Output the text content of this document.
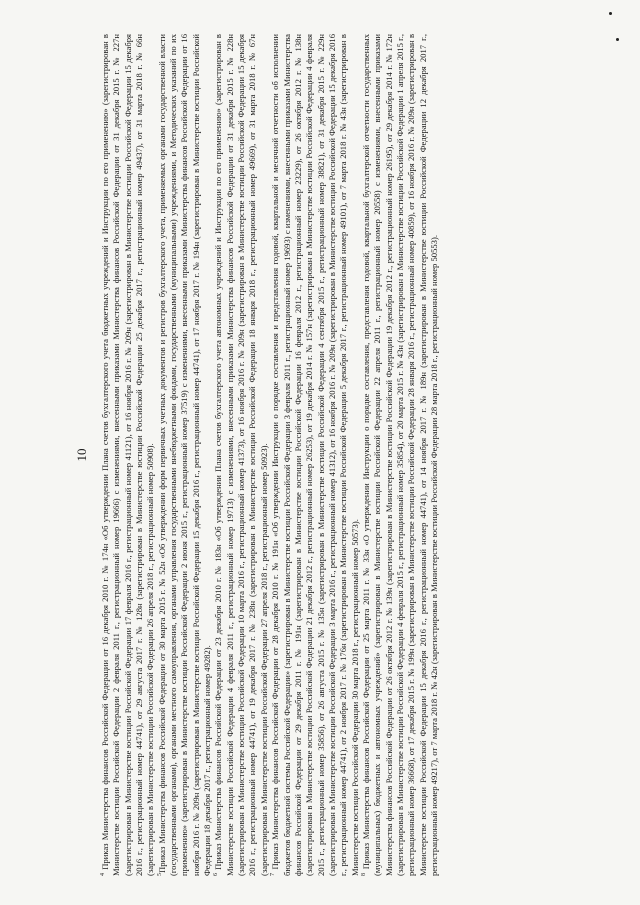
10

$^4$ Приказ Министерства финансов Российской Федерации от 16 декабря 2010 г. № 174н «Об утверждении Плана счетов бухгалтерского учета бюджетных учреждений и Инструкции по его применению» (зарегистрирован в Министерстве юстиции Российской Федерации 2 февраля 2011 г., регистрационный номер 19666) с изменениями, внесенными приказами Министерства финансов Российской Федерации от 31 декабря 2015 г. № 227н (зарегистрирован в Министерстве юстиции Российской Федерации 17 февраля 2016 г., регистрационный номер 41121), от 16 ноября 2016 г. № 209н (зарегистрирован в Министерстве юстиции Российской Федерации 15 декабря 2016 г., регистрационный номер 44741), от 29 августа 2017 г. № 128н (зарегистрирован в Министерстве юстиции Российской Федерации 25 декабря 2017 г., регистрационный номер 49437), от 31 марта 2018 г. № 66н (зарегистрирован в Министерстве юстиции Российской Федерации 26 апреля 2018 г., регистрационный номер 50908). $^5$Приказ Министерства финансов Российской Федерации от 30 марта 2015 г. № 52н «Об утверждении форм первичных учетных документов и регистров бухгалтерского учета, применяемых органами государственной власти (государственными органами), органами местного самоуправления, органами управления государственными внебюджетными фондами, государственными (муниципальными) учреждениями, и Методических указаний по их применению» (зарегистрирован в Министерстве юстиции Российской Федерации 2 июня 2015 г., регистрационный номер 37519) с изменениями, внесенными приказами Министерства финансов Российской Федерации от 16 ноября 2016 г. № 209н (зарегистрирован в Министерстве юстиции Российской Федерации 15 декабря 2016 г., регистрационный номер 44741), от 17 ноября 2017 г. № 194н (зарегистрирован в Министерстве юстиции Российской Федерации 18 декабря 2017 г., регистрационный номер 49282). $^6$ Приказ Министерства финансов Российской Федерации от 23 декабря 2010 г. № 183н «Об утверждении Плана счетов бухгалтерского учета автономных учреждений и Инструкции по его применению» (зарегистрирован в Министерстве юстиции Российской Федерации 4 февраля 2011 г., регистрационный номер 19713) с изменениями, внесенными приказами Министерства финансов Российской Федерации от 31 декабря 2015 г. № 228н (зарегистрирован в Министерстве юстиции Российской Федерации 10 марта 2016 г., регистрационный номер 41373), от 16 ноября 2016 г. № 209н (зарегистрирован в Министерстве юстиции Российской Федерации 15 декабря 2016 г., регистрационный номер 44741), от 19 декабря 2017 г. № 238н (зарегистрирован в Министерстве юстиции Российской Федерации 18 января 2018 г., регистрационный номер 49669), от 31 марта 2018 г. № 67н (зарегистрирован в Министерстве юстиции Российской Федерации 27 апреля 2018 г., регистрационный номер 50923). $^7$ Приказ Министерства финансов Российской Федерации от 28 декабря 2010 г. № 191н «Об утверждении Инструкции о порядке составления и представления годовой, квартальной и месячной отчетности об исполнении бюджетов бюджетной системы Российской Федерации» (зарегистрирован в Министерстве юстиции Российской Федерации 3 февраля 2011 г., регистрационный номер 19693) с изменениями, внесенными приказами Министерства финансов Российской Федерации от 29 декабря 2011 г. № 191н (зарегистрирован в Министерстве юстиции Российской Федерации 16 февраля 2012 г., регистрационный номер 23229), от 26 октября 2012 г. № 138н (зарегистрирован в Министерстве юстиции Российской Федерации 21 декабря 2012 г., регистрационный номер 26253), от 19 декабря 2014 г. № 157н (зарегистрирован в Министерстве юстиции Российской Федерации 4 февраля 2015 г., регистрационный номер 35856), от 26 августа 2015 г. № 135н (зарегистрирован в Министерстве юстиции Российской Федерации 4 сентября 2015 г., регистрационный номер 38821), от 31 декабря 2015 г. № 229н (зарегистрирован в Министерстве юстиции Российской Федерации 3 марта 2016 г., регистрационный номер 41312), от 16 ноября 2016 г. № 209н (зарегистрирован в Министерстве юстиции Российской Федерации 15 декабря 2016 г., регистрационный номер 44741), от 2 ноября 2017 г. № 176н (зарегистрирован в Министерстве юстиции Российской Федерации 5 декабря 2017 г., регистрационный номер 49101), от 7 марта 2018 г. № 43н (зарегистрирован в Министерстве юстиции Российской Федерации 30 марта 2018 г., регистрационный номер 50573). $^8$ Приказ Министерства финансов Российской Федерации от 25 марта 2011 г. № 33н «О утверждении Инструкции о порядке составления, представления годовой, квартальной бухгалтерской отчетности государственных (муниципальных) бюджетных и автономных учреждений» (зарегистрирован в Министерстве юстиции Российской Федерации 22 апреля 2011 г., регистрационный номер 20558) с изменениями, внесенными приказами Министерства финансов Российской Федерации от 26 октября 2012 г. № 139н (зарегистрирован в Министерстве юстиции Российской Федерации 19 декабря 2012 г., регистрационный номер 26195), от 29 декабря 2014 г. № 172н (зарегистрирован в Министерстве юстиции Российской Федерации 4 февраля 2015 г., регистрационный номер 35854), от 20 марта 2015 г. № 43н (зарегистрирован в Министерстве юстиции Российской Федерации 1 апреля 2015 г., регистрационный номер 36668), от 17 декабря 2015 г. № 199н (зарегистрирован в Министерстве юстиции Российской Федерации 28 января 2016 г., регистрационный номер 40859), от 16 ноября 2016 г. № 209н (зарегистрирован в Министерстве юстиции Российской Федерации 15 декабря 2016 г., регистрационный номер 44741), от 14 ноября 2017 г. № 189н (зарегистрирован в Министерстве юстиции Российской Федерации 12 декабря 2017 г., регистрационный номер 49217), от 7 марта 2018 г. № 42н (зарегистрирован в Министерстве юстиции Российской Федерации 28 марта 2018 г., регистрационный номер 50553).
